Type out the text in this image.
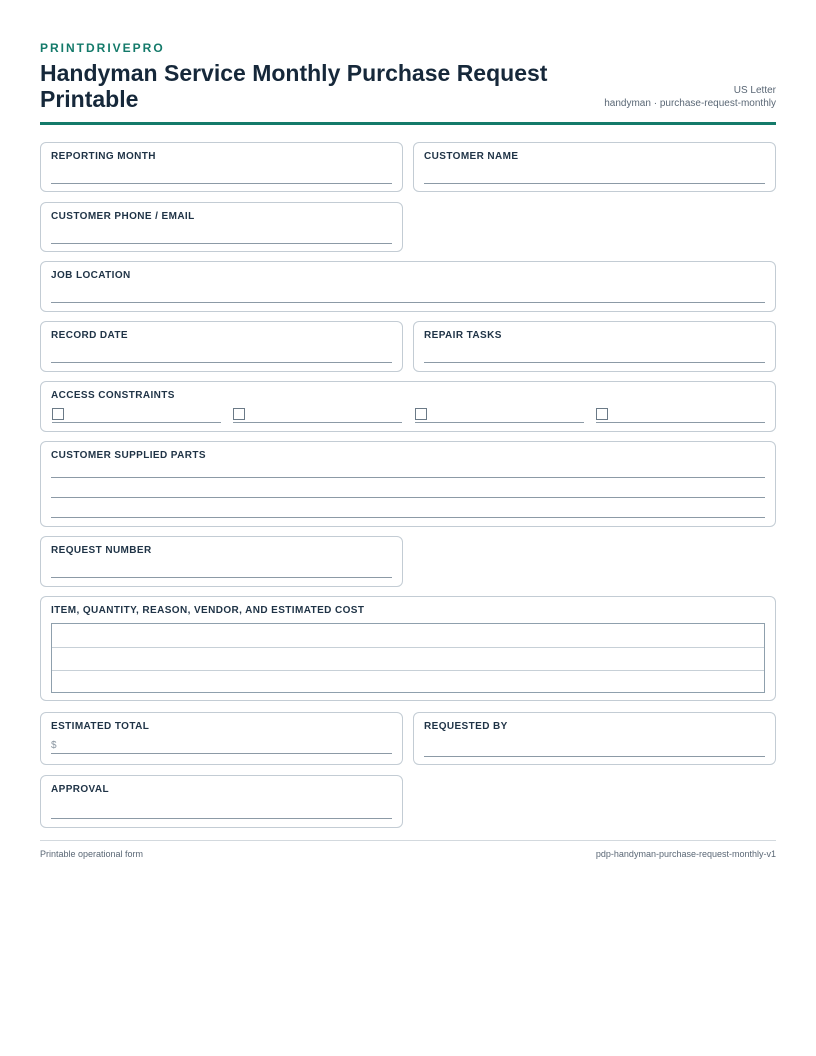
PRINTDRIVEPRO
Handyman Service Monthly Purchase Request Printable	US Letter
handyman · purchase-request-monthly
REPORTING MONTH	CUSTOMER NAME
CUSTOMER PHONE / EMAIL
JOB LOCATION
RECORD DATE	REPAIR TASKS
ACCESS CONSTRAINTS
CUSTOMER SUPPLIED PARTS
REQUEST NUMBER
ITEM, QUANTITY, REASON, VENDOR, AND ESTIMATED COST
ESTIMATED TOTAL
$
REQUESTED BY
APPROVAL
Printable operational form	pdp-handyman-purchase-request-monthly-v1
